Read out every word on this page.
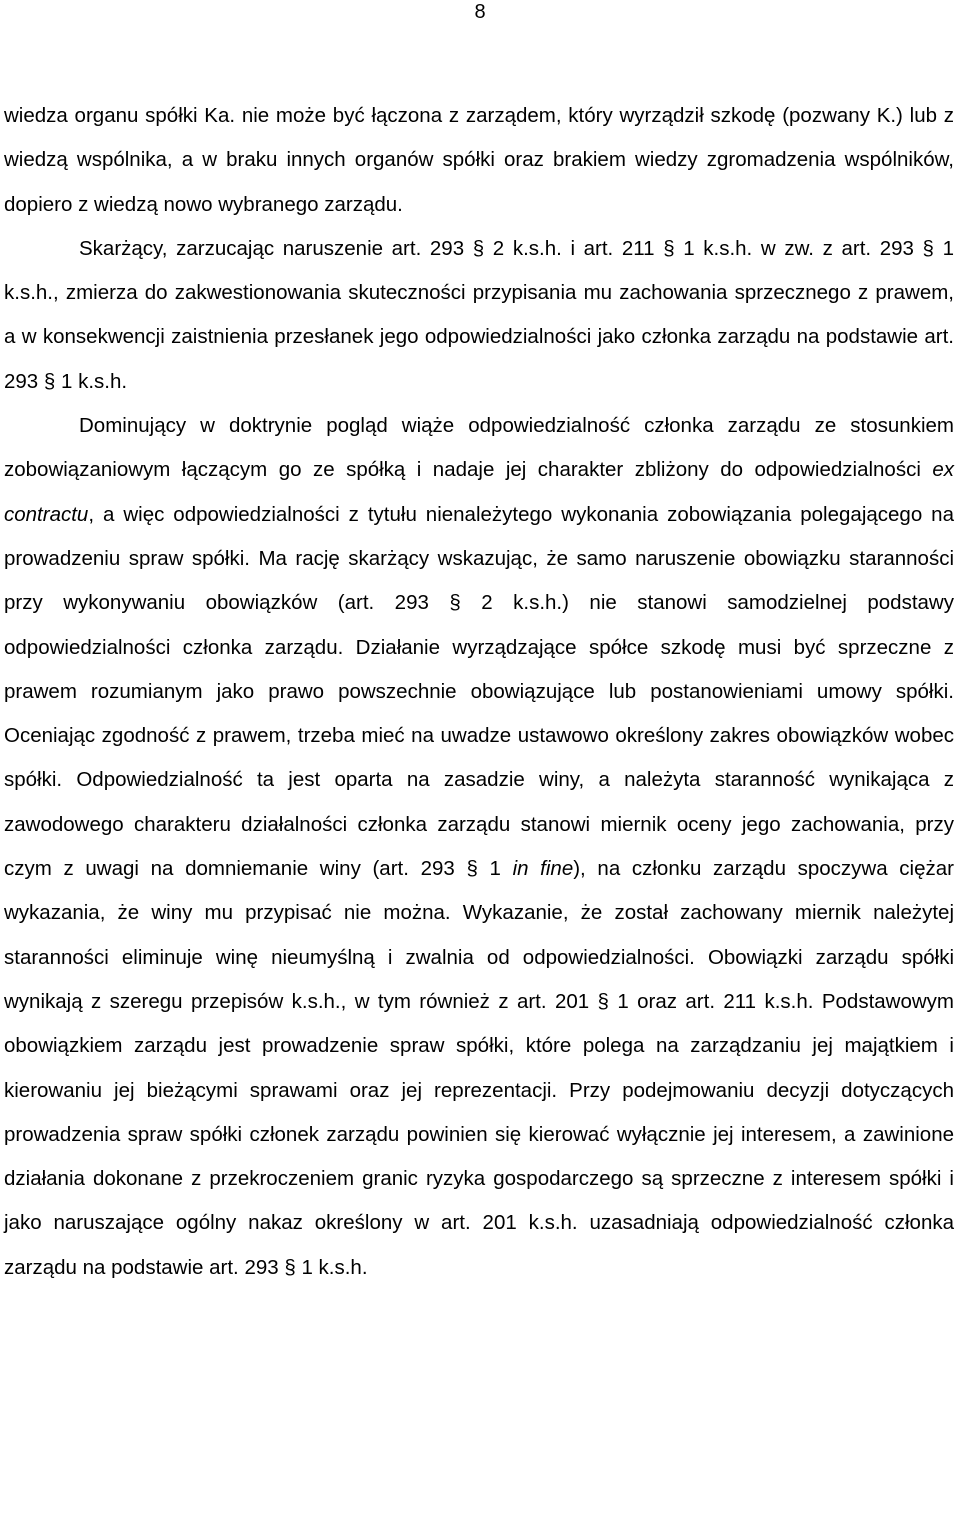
8

wiedza organu spółki Ka. nie może być łączona z zarządem, który wyrządził szkodę (pozwany K.) lub z wiedzą wspólnika, a w braku innych organów spółki oraz brakiem wiedzy zgromadzenia wspólników, dopiero z wiedzą nowo wybranego zarządu.

Skarżący, zarzucając naruszenie art. 293 § 2 k.s.h. i art. 211 § 1 k.s.h. w zw. z art. 293 § 1 k.s.h., zmierza do zakwestionowania skuteczności przypisania mu zachowania sprzecznego z prawem, a w konsekwencji zaistnienia przesłanek jego odpowiedzialności jako członka zarządu na podstawie art. 293 § 1 k.s.h.

Dominujący w doktrynie pogląd wiąże odpowiedzialność członka zarządu ze stosunkiem zobowiązaniowym łączącym go ze spółką i nadaje jej charakter zbliżony do odpowiedzialności ex contractu, a więc odpowiedzialności z tytułu nienależytego wykonania zobowiązania polegającego na prowadzeniu spraw spółki. Ma rację skarżący wskazując, że samo naruszenie obowiązku staranności przy wykonywaniu obowiązków (art. 293 § 2 k.s.h.) nie stanowi samodzielnej podstawy odpowiedzialności członka zarządu. Działanie wyrządzające spółce szkodę musi być sprzeczne z prawem rozumianym jako prawo powszechnie obowiązujące lub postanowieniami umowy spółki. Oceniając zgodność z prawem, trzeba mieć na uwadze ustawowo określony zakres obowiązków wobec spółki. Odpowiedzialność ta jest oparta na zasadzie winy, a należyta staranność wynikająca z zawodowego charakteru działalności członka zarządu stanowi miernik oceny jego zachowania, przy czym z uwagi na domniemanie winy (art. 293 § 1 in fine), na członku zarządu spoczywa ciężar wykazania, że winy mu przypisać nie można. Wykazanie, że został zachowany miernik należytej staranności eliminuje winę nieumyślną i zwalnia od odpowiedzialności. Obowiązki zarządu spółki wynikają z szeregu przepisów k.s.h., w tym również z art. 201 § 1 oraz art. 211 k.s.h. Podstawowym obowiązkiem zarządu jest prowadzenie spraw spółki, które polega na zarządzaniu jej majątkiem i kierowaniu jej bieżącymi sprawami oraz jej reprezentacji. Przy podejmowaniu decyzji dotyczących prowadzenia spraw spółki członek zarządu powinien się kierować wyłącznie jej interesem, a zawinione działania dokonane z przekroczeniem granic ryzyka gospodarczego są sprzeczne z interesem spółki i jako naruszające ogólny nakaz określony w art. 201 k.s.h. uzasadniają odpowiedzialność członka zarządu na podstawie art. 293 § 1 k.s.h.
